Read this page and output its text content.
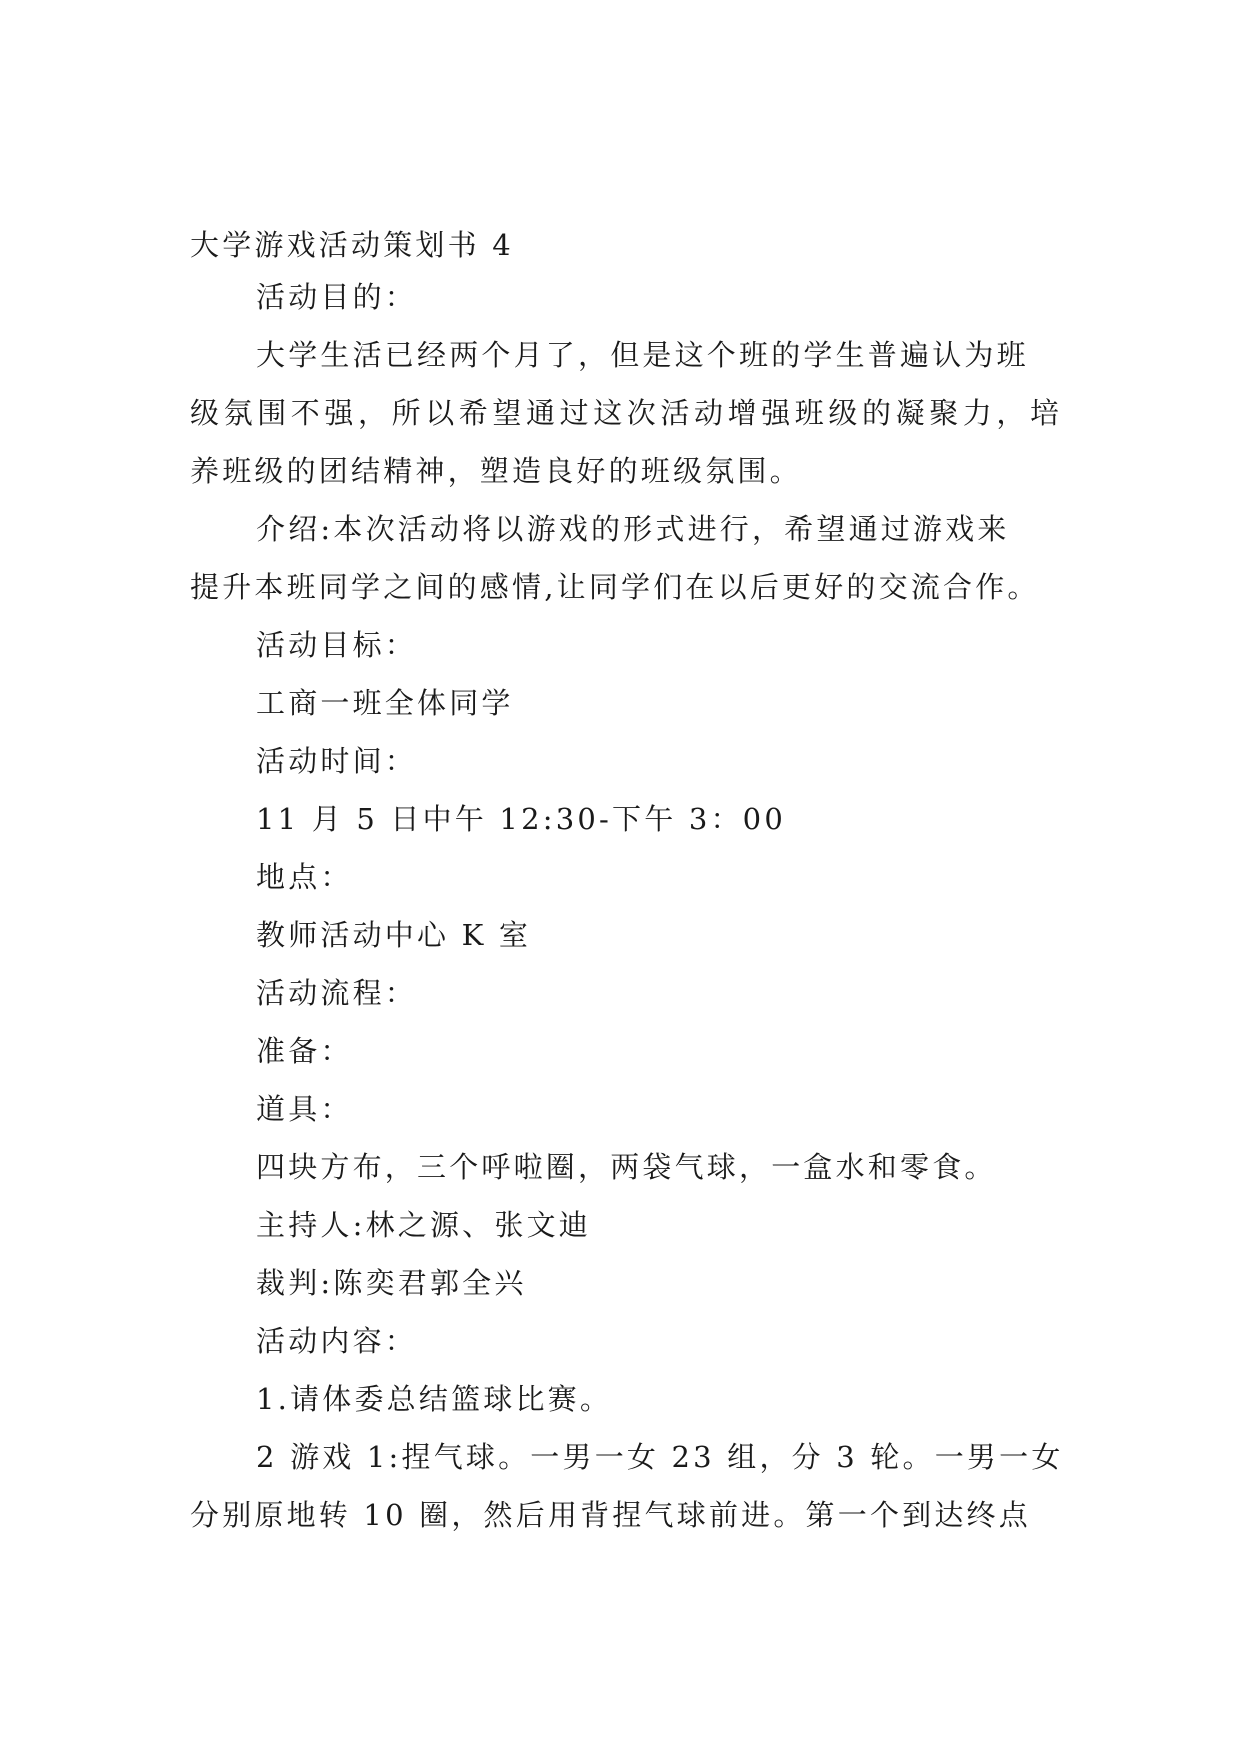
大学游戏活动策划书 4
活动目的：
大学生活已经两个月了，但是这个班的学生普遍认为班
级氛围不强，所以希望通过这次活动增强班级的凝聚力，培
养班级的团结精神，塑造良好的班级氛围。
介绍:本次活动将以游戏的形式进行，希望通过游戏来
提升本班同学之间的感情,让同学们在以后更好的交流合作。
活动目标：
工商一班全体同学
活动时间：
11 月 5 日中午 12:30-下午 3：00
地点：
教师活动中心 K 室
活动流程：
准备：
道具：
四块方布，三个呼啦圈，两袋气球，一盒水和零食。
主持人:林之源、张文迪
裁判:陈奕君郭全兴
活动内容：
1.请体委总结篮球比赛。
2 游戏 1:捏气球。一男一女 23 组，分 3 轮。一男一女
分别原地转 10 圈，然后用背捏气球前进。第一个到达终点
